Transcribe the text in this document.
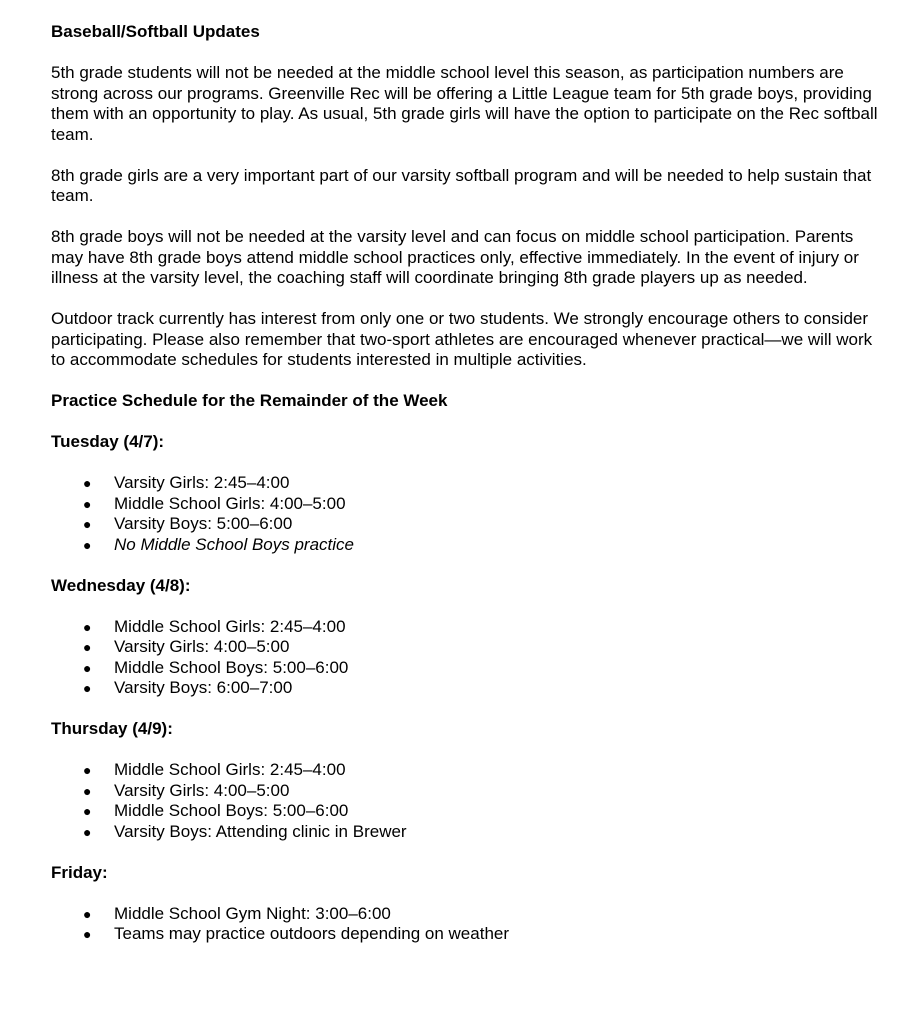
Baseball/Softball Updates

5th grade students will not be needed at the middle school level this season, as participation numbers are strong across our programs. Greenville Rec will be offering a Little League team for 5th grade boys, providing them with an opportunity to play. As usual, 5th grade girls will have the option to participate on the Rec softball team.

8th grade girls are a very important part of our varsity softball program and will be needed to help sustain that team.

8th grade boys will not be needed at the varsity level and can focus on middle school participation. Parents may have 8th grade boys attend middle school practices only, effective immediately. In the event of injury or illness at the varsity level, the coaching staff will coordinate bringing 8th grade players up as needed.

Outdoor track currently has interest from only one or two students. We strongly encourage others to consider participating. Please also remember that two-sport athletes are encouraged whenever practical—we will work to accommodate schedules for students interested in multiple activities.

Practice Schedule for the Remainder of the Week

Tuesday (4/7):

● Varsity Girls: 2:45–4:00
● Middle School Girls: 4:00–5:00
● Varsity Boys: 5:00–6:00
● No Middle School Boys practice

Wednesday (4/8):

● Middle School Girls: 2:45–4:00
● Varsity Girls: 4:00–5:00
● Middle School Boys: 5:00–6:00
● Varsity Boys: 6:00–7:00

Thursday (4/9):

● Middle School Girls: 2:45–4:00
● Varsity Girls: 4:00–5:00
● Middle School Boys: 5:00–6:00
● Varsity Boys: Attending clinic in Brewer

Friday:

● Middle School Gym Night: 3:00–6:00
● Teams may practice outdoors depending on weather
